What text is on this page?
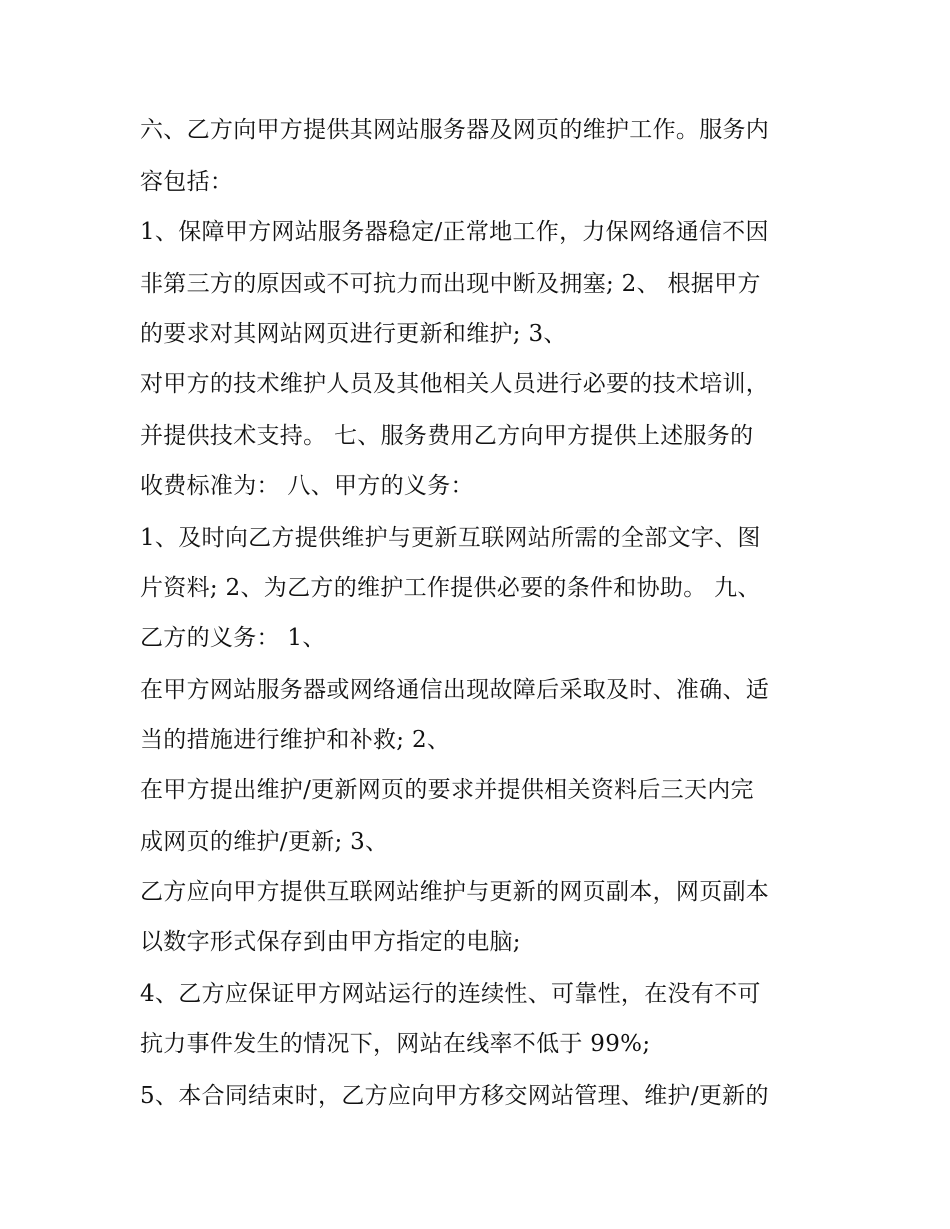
六、乙方向甲方提供其网站服务器及网页的维护工作。服务内

容包括：

1、保障甲方网站服务器稳定/正常地工作，力保网络通信不因

非第三方的原因或不可抗力而出现中断及拥塞; 2、 根据甲方

的要求对其网站网页进行更新和维护; 3、

对甲方的技术维护人员及其他相关人员进行必要的技术培训，

并提供技术支持。 七、服务费用乙方向甲方提供上述服务的

收费标准为： 八、甲方的义务：

1、及时向乙方提供维护与更新互联网站所需的全部文字、图

片资料; 2、为乙方的维护工作提供必要的条件和协助。 九、

乙方的义务： 1、

在甲方网站服务器或网络通信出现故障后采取及时、准确、适

当的措施进行维护和补救; 2、

在甲方提出维护/更新网页的要求并提供相关资料后三天内完

成网页的维护/更新; 3、

乙方应向甲方提供互联网站维护与更新的网页副本，网页副本

以数字形式保存到由甲方指定的电脑;

4、乙方应保证甲方网站运行的连续性、可靠性，在没有不可

抗力事件发生的情况下，网站在线率不低于 99%;

5、本合同结束时，乙方应向甲方移交网站管理、维护/更新的
